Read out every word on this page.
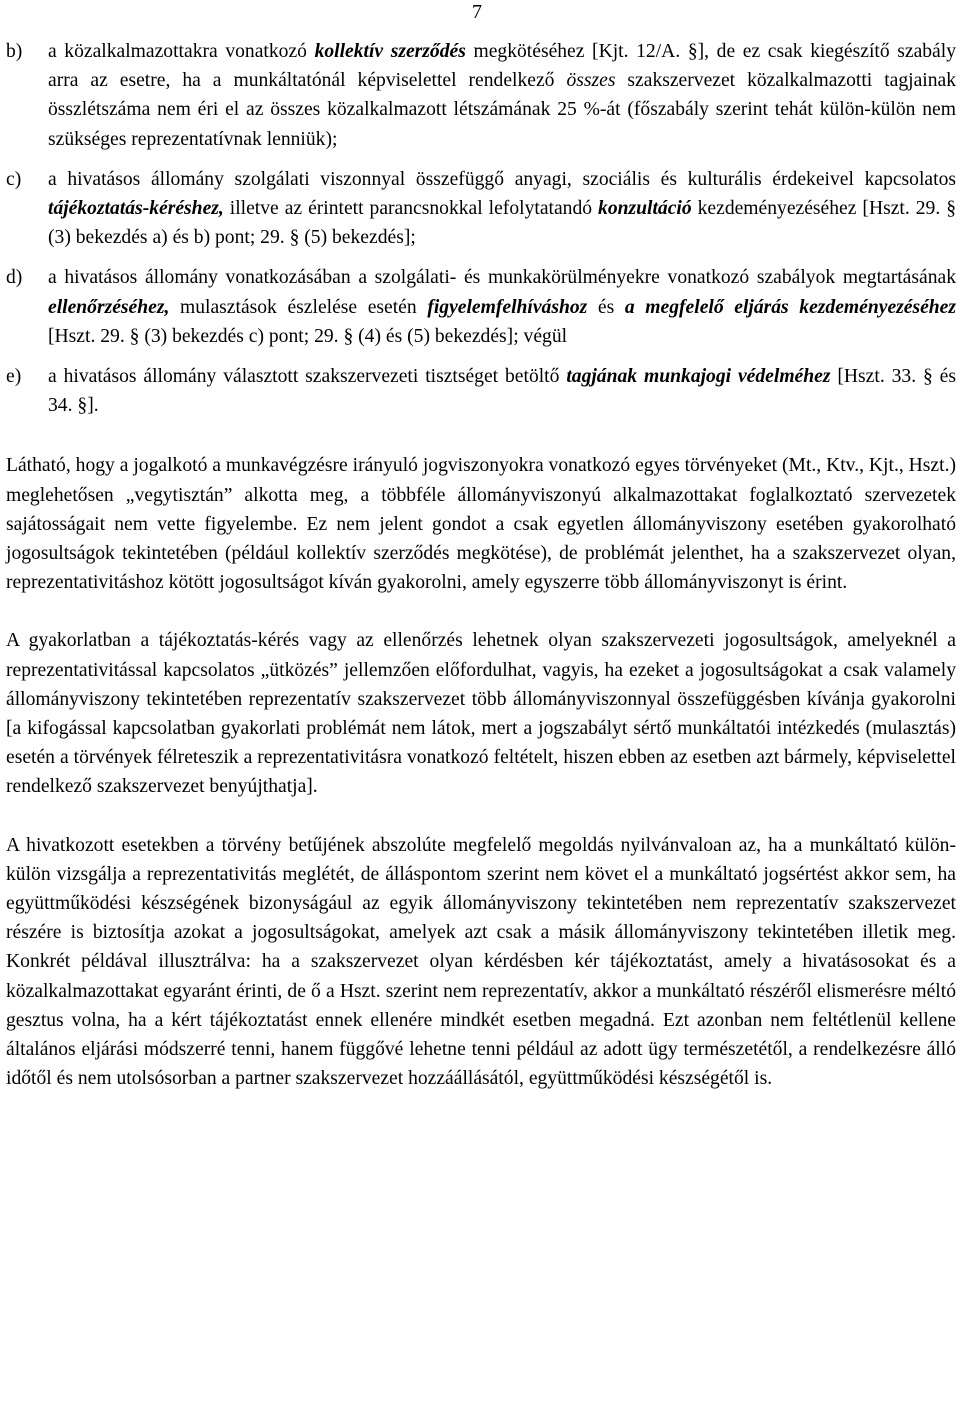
7
b) a közalkalmazottakra vonatkozó kollektív szerződés megkötéséhez [Kjt. 12/A. §], de ez csak kiegészítő szabály arra az esetre, ha a munkáltatónál képviselettel rendelkező összes szakszervezet közalkalmazotti tagjainak összlétszáma nem éri el az összes közalkalmazott létszámának 25 %-át (főszabály szerint tehát külön-külön nem szükséges reprezentatívnak lenniük);
c) a hivatásos állomány szolgálati viszonnyal összefüggő anyagi, szociális és kulturális érdekeivel kapcsolatos tájékoztatás-kéréshez, illetve az érintett parancsnokkal lefolytatandó konzultáció kezdeményezéséhez [Hszt. 29. § (3) bekezdés a) és b) pont; 29. § (5) bekezdés];
d) a hivatásos állomány vonatkozásában a szolgálati- és munkakörülményekre vonatkozó szabályok megtartásának ellenőrzéséhez, mulasztások észlelése esetén figyelemfelhíváshoz és a megfelelő eljárás kezdeményezéséhez [Hszt. 29. § (3) bekezdés c) pont; 29. § (4) és (5) bekezdés]; végül
e) a hivatásos állomány választott szakszervezeti tisztséget betöltő tagjának munkajogi védelméhez [Hszt. 33. § és 34. §].

Látható, hogy a jogalkotó a munkavégzésre irányuló jogviszonyokra vonatkozó egyes törvényeket (Mt., Ktv., Kjt., Hszt.) meglehetősen „vegytisztán” alkotta meg, a többféle állományviszonyú alkalmazottakat foglalkoztató szervezetek sajátosságait nem vette figyelembe. Ez nem jelent gondot a csak egyetlen állományviszony esetében gyakorolható jogosultságok tekintetében (például kollektív szerződés megkötése), de problémát jelenthet, ha a szakszervezet olyan, reprezentativitáshoz kötött jogosultságot kíván gyakorolni, amely egyszerre több állományviszonyt is érint.

A gyakorlatban a tájékoztatás-kérés vagy az ellenőrzés lehetnek olyan szakszervezeti jogosultságok, amelyeknél a reprezentativitással kapcsolatos „ütközés” jellemzően előfordulhat, vagyis, ha ezeket a jogosultságokat a csak valamely állományviszony tekintetében reprezentatív szakszervezet több állományviszonnyal összefüggésben kívánja gyakorolni [a kifogással kapcsolatban gyakorlati problémát nem látok, mert a jogszabályt sértő munkáltatói intézkedés (mulasztás) esetén a törvények félreteszik a reprezentativitásra vonatkozó feltételt, hiszen ebben az esetben azt bármely, képviselettel rendelkező szakszervezet benyújthatja].

A hivatkozott esetekben a törvény betűjének abszolúte megfelelő megoldás nyilvánvaloan az, ha a munkáltató külön-külön vizsgálja a reprezentativitás meglétét, de álláspontom szerint nem követ el a munkáltató jogsértést akkor sem, ha együttműködési készségének bizonyságául az egyik állományviszony tekintetében nem reprezentatív szakszervezet részére is biztosítja azokat a jogosultságokat, amelyek azt csak a másik állományviszony tekintetében illetik meg. Konkrét példával illusztrálva: ha a szakszervezet olyan kérdésben kér tájékoztatást, amely a hivatásosokat és a közalkalmazottakat egyaránt érinti, de ő a Hszt. szerint nem reprezentatív, akkor a munkáltató részéről elismerésre méltó gesztus volna, ha a kért tájékoztatást ennek ellenére mindkét esetben megadná. Ezt azonban nem feltétlenül kellene általános eljárási módszerré tenni, hanem függővé lehetne tenni például az adott ügy természetétől, a rendelkezésre álló időtől és nem utolsósorban a partner szakszervezet hozzáállásától, együttműködési készségétől is.
